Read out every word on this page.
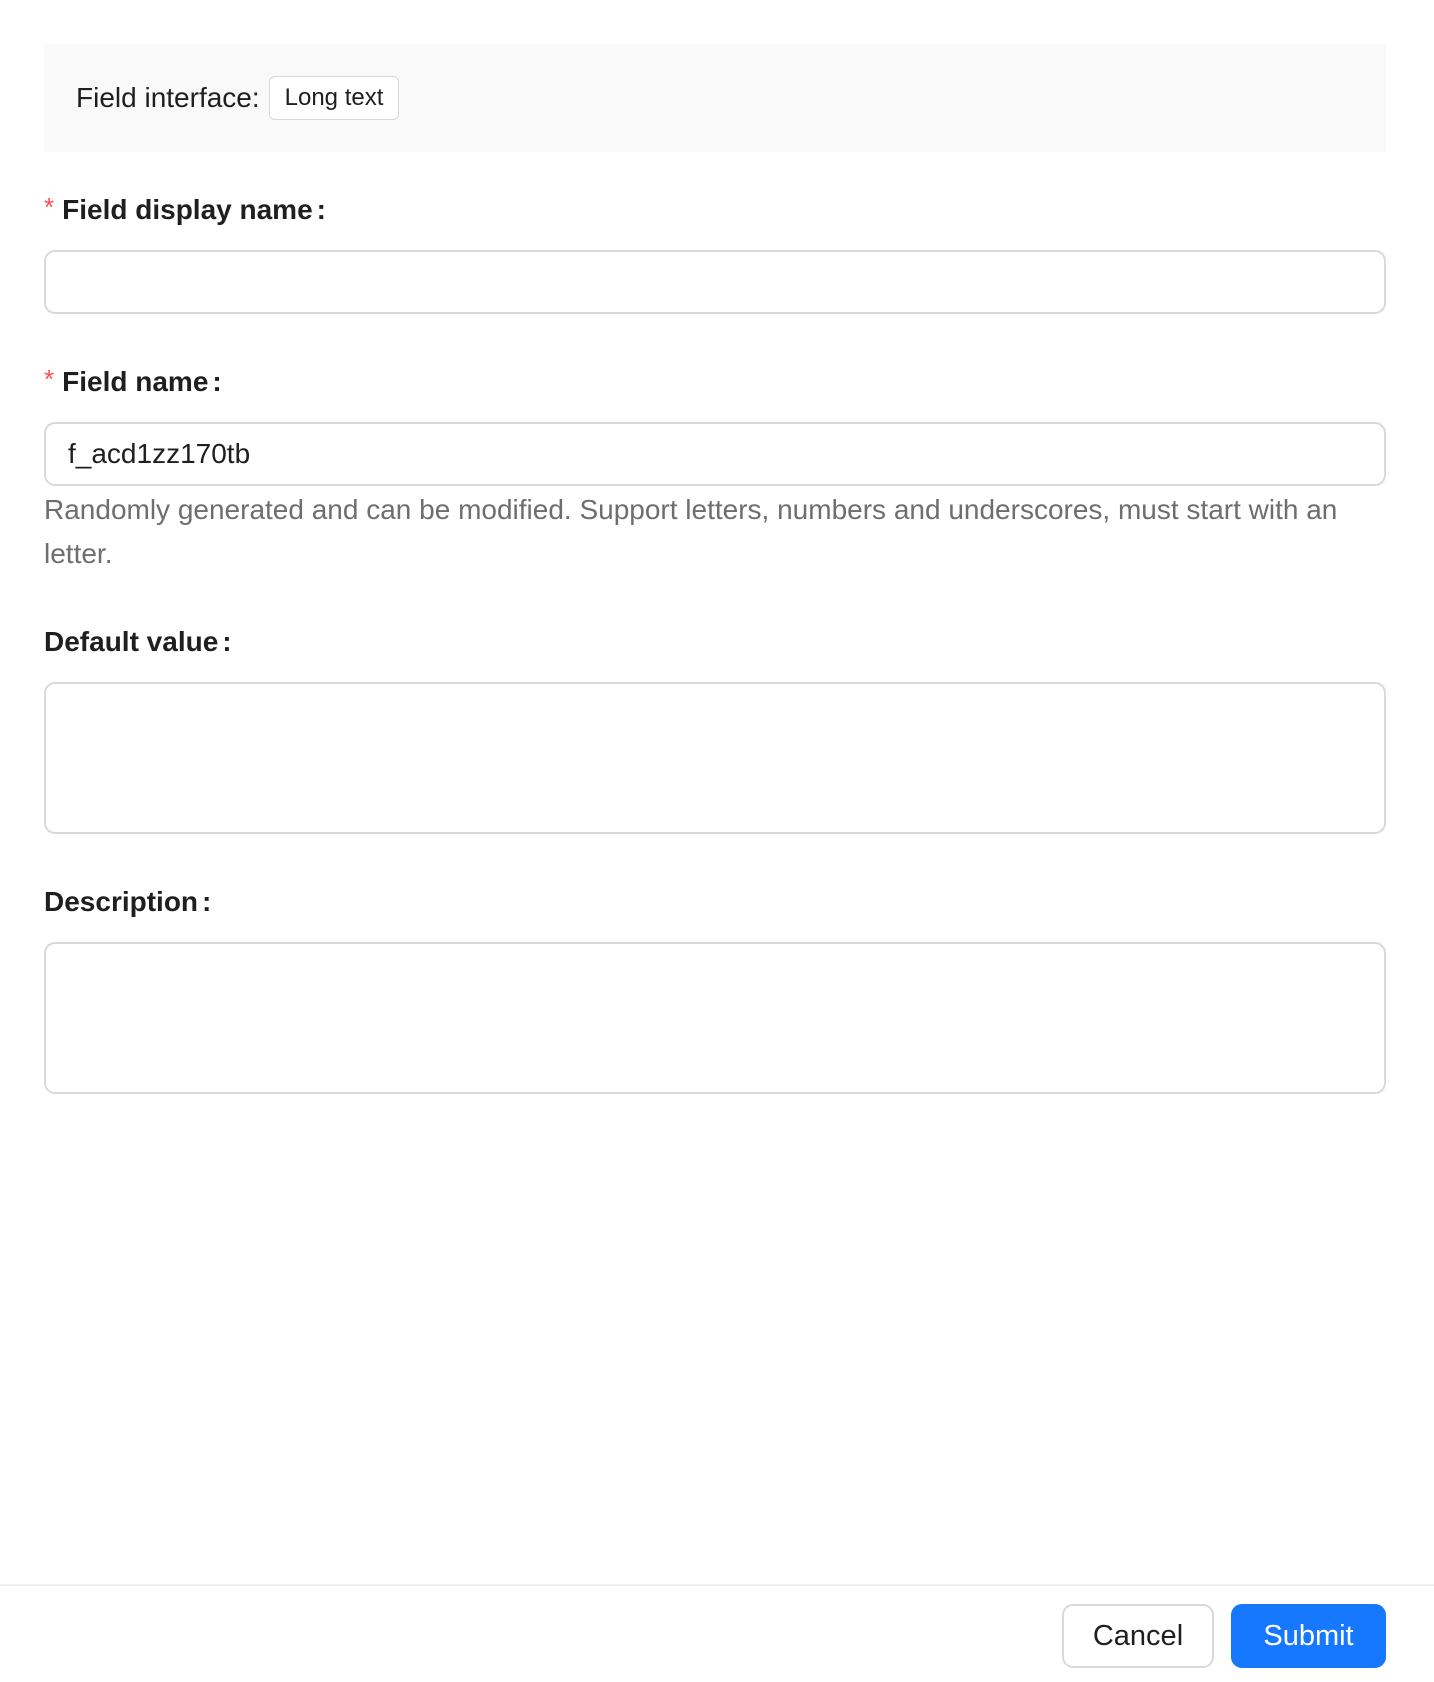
Field interface:	Long text
* Field display name :
* Field name :
f_acd1zz170tb
Randomly generated and can be modified. Support letters, numbers and underscores, must start with an letter.
Default value :
Description :
Cancel	Submit
